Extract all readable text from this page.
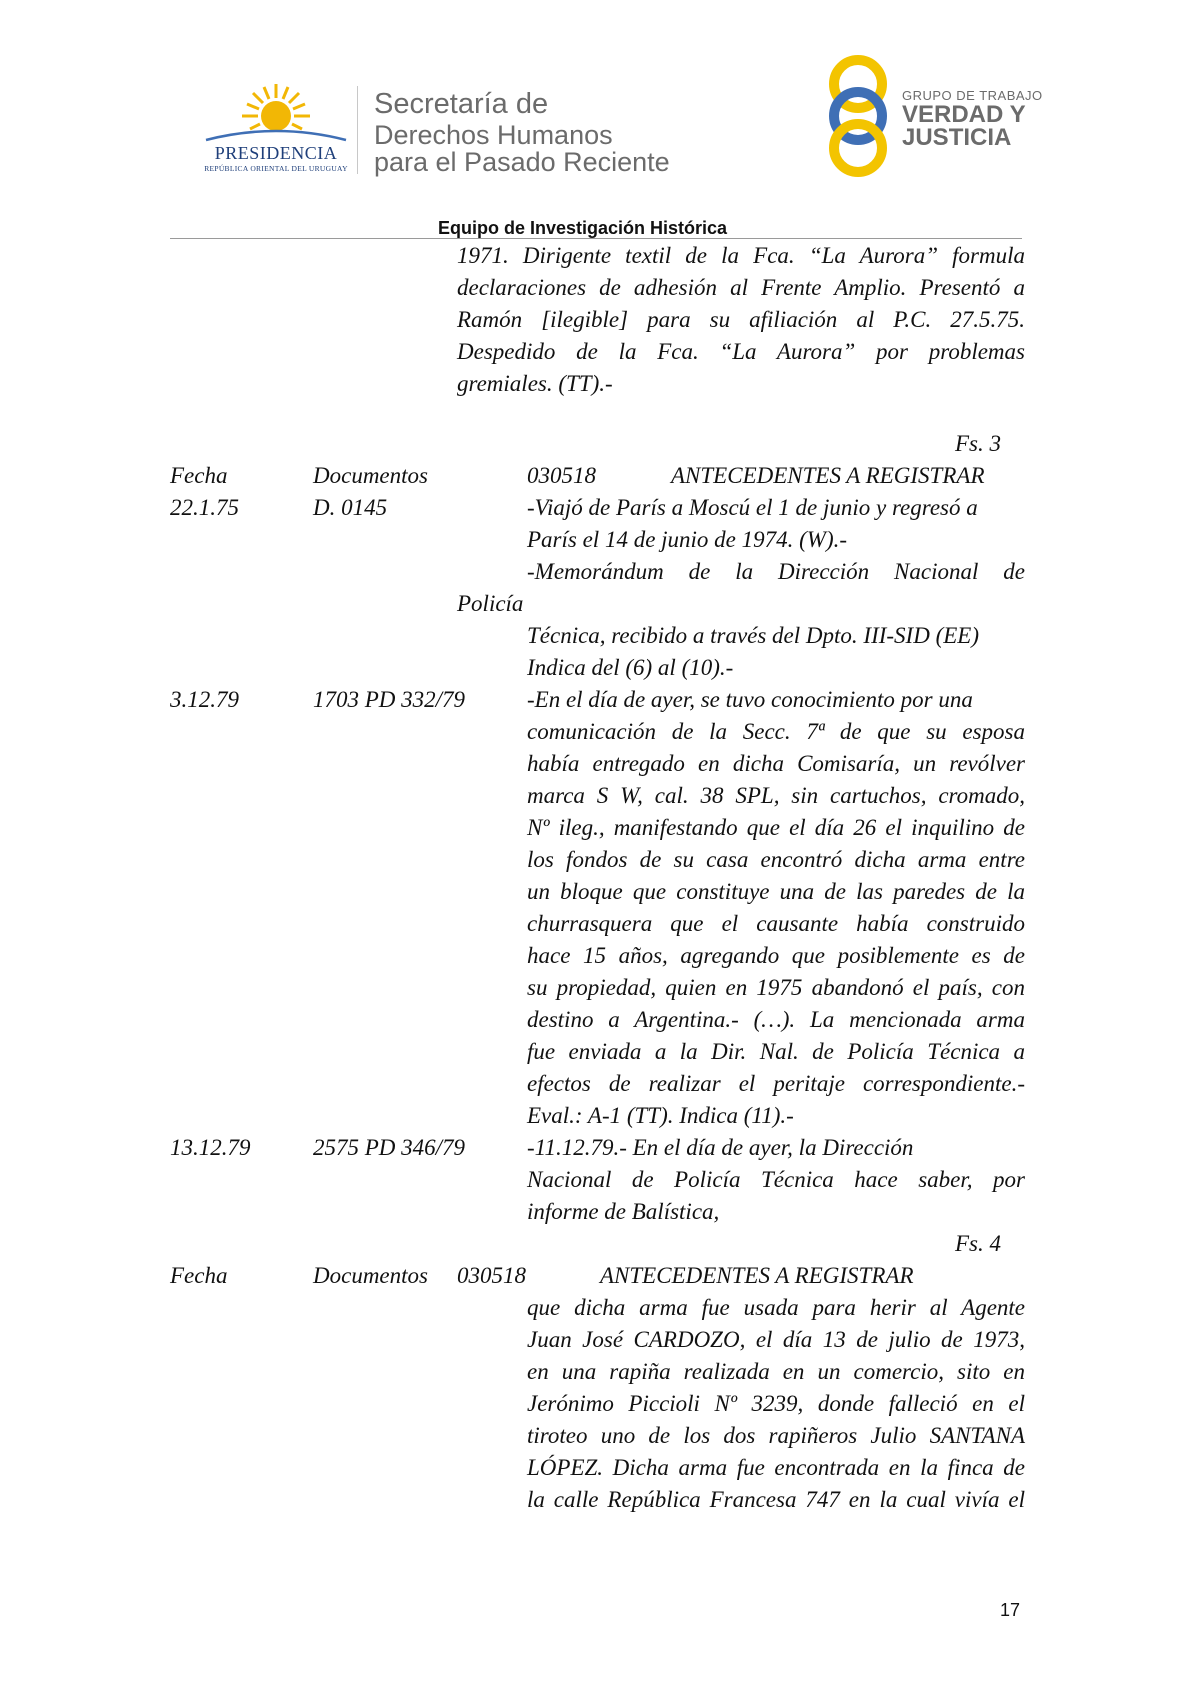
PRESIDENCIA
REPÚBLICA ORIENTAL DEL URUGUAY
Secretaría de
Derechos Humanos
para el Pasado Reciente
GRUPO DE TRABAJO
VERDAD Y
JUSTICIA
Equipo de Investigación Histórica
1971. Dirigente textil de la Fca. “La Aurora” formula
declaraciones de adhesión al Frente Amplio. Presentó a
Ramón [ilegible] para su afiliación al P.C. 27.5.75.
Despedido de la Fca. “La Aurora” por problemas
gremiales. (TT).-
Fs. 3
Fecha	Documentos	030518	ANTECEDENTES A REGISTRAR
22.1.75	D. 0145	-Viajó de París a Moscú el 1 de junio y regresó a
París el 14 de junio de 1974. (W).-
-Memorándum de la Dirección Nacional de
Policía
Técnica, recibido a través del Dpto. III-SID (EE)
Indica del (6) al (10).-
3.12.79	1703 PD 332/79	-En el día de ayer, se tuvo conocimiento por una
comunicación de la Secc. 7ª de que su esposa
había entregado en dicha Comisaría, un revólver
marca S W, cal. 38 SPL, sin cartuchos, cromado,
Nº ileg., manifestando que el día 26 el inquilino de
los fondos de su casa encontró dicha arma entre
un bloque que constituye una de las paredes de la
churrasquera que el causante había construido
hace 15 años, agregando que posiblemente es de
su propiedad, quien en 1975 abandonó el país, con
destino a Argentina.- (…). La mencionada arma
fue enviada a la Dir. Nal. de Policía Técnica a
efectos de realizar el peritaje correspondiente.-
Eval.: A-1 (TT). Indica (11).-
13.12.79	2575 PD 346/79	-11.12.79.- En el día de ayer, la Dirección
Nacional de Policía Técnica hace saber, por
informe de Balística,
Fs. 4
Fecha	Documentos 030518	ANTECEDENTES A REGISTRAR
que dicha arma fue usada para herir al Agente
Juan José CARDOZO, el día 13 de julio de 1973,
en una rapiña realizada en un comercio, sito en
Jerónimo Piccioli Nº 3239, donde falleció en el
tiroteo uno de los dos rapiñeros Julio SANTANA
LÓPEZ. Dicha arma fue encontrada en la finca de
la calle República Francesa 747 en la cual vivía el
17
